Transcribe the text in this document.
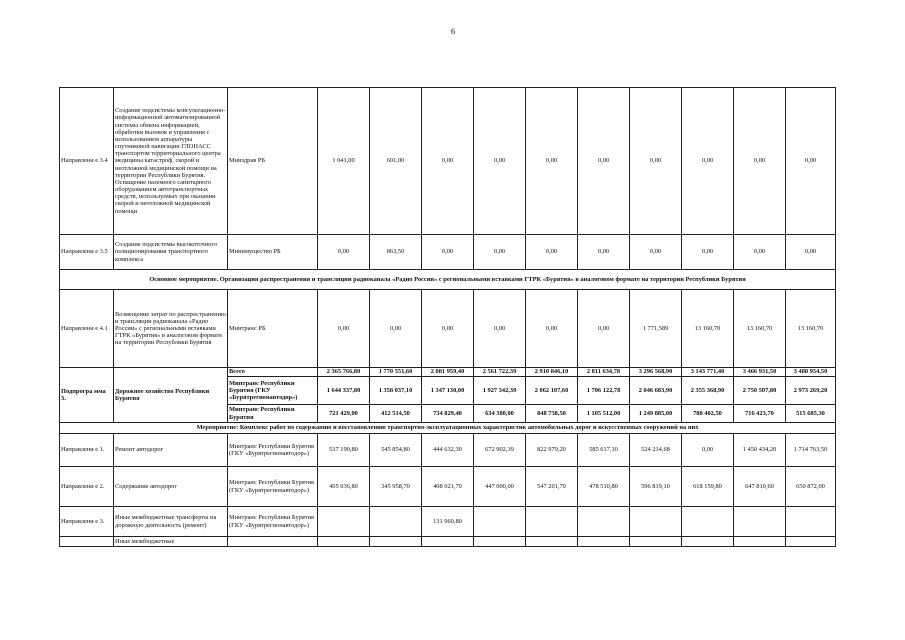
6
Направлени е 3.4	Создание подсистемы консультационно-информационной автоматизированной системы обмена информацией, обработки вызовов и управления с использованием аппаратуры спутниковой навигации ГЛОНАСС транспортом территориального центра медицины катастроф, скорой и неотложной медицинской помощи на территории Республики Бурятия. Оснащение наземного санитарного оборудованием автотранспортных средств, используемых при оказании скорой и неотложной медицинской помощи	Минздрав РБ	1 041,00	601,00	0,00	0,00	0,00	0,00	0,00	0,00	0,00	0,00
Направлени е 3.5	Создание подсистемы высокоточного позиционирования транспортного комплекса	Минимущество РБ	0,00	863,50	0,00	0,00	0,00	0,00	0,00	0,00	0,00	0,00
Основное мероприятие. Организация распространения и трансляции радиоканала «Радио России» с региональными вставками ГТРК «Бурятия» в аналоговом формате на территории Республики Бурятия												
Направлени е 4.1	Возмещение затрат по распространению и трансляции радиоканала «Радио России» с региональными вставками ГТРК «Бурятия» в аналоговом формате на территории Республики Бурятия	Минтранс РБ	0,00	0,00	0,00	0,00	0,00	0,00	1 771,589	13 160,70	13 160,70	13 160,70
Подпрогра мма 3.	Дорожное хозяйство Республики Бурятия	Всего	2 365 766,80	1 770 551,60	2 081 959,40	2 561 722,39	2 910 846,10	2 811 634,78	3 296 568,90	3 143 771,40	3 466 931,50	3 488 954,50
		Минтранс Республики Бурятия (ГКУ «Бурятрегионавтодор»)	1 644 337,80	1 358 037,10	1 347 130,00	1 927 342,39	2 062 107,60	1 706 122,78	2 046 683,90	2 355 368,90	2 750 507,80	2 973 269,20
		Минтранс Республики Бурятия	721 429,00	412 514,50	734 829,40	634 380,00	848 738,50	1 105 512,00	1 249 885,00	788 402,50	716 423,70	515 685,30
Мероприятие: Комплекс работ по содержанию и восстановлению транспортно-эксплуатационных характеристик автомобильных дорог и искусственных сооружений на них												
Направлени е 1.	Ремонт автодорог	Минтранс Республики Бурятия (ГКУ «Бурятрегионавтодор»)	537 190,80	545 854,80	444 632,30	672 902,39	822 979,20	585 617,10	524 214,68	0,00	1 450 434,20	1 714 763,50
Направлени е 2.	Содержание автодорог	Минтранс Республики Бурятия (ГКУ «Бурятрегионавтодор»)	405 036,80	345 958,70	408 021,70	447 000,00	547 201,70	478 510,80	596 819,10	618 159,80	647 810,60	650 872,00
Направлени е 3.	Иные межбюджетные трансферты на дорожную деятельность (ремонт)	Минтранс Республики Бурятия (ГКУ «Бурятрегионавтодор»)			131 960,80							
	Иные межбюджетные											
